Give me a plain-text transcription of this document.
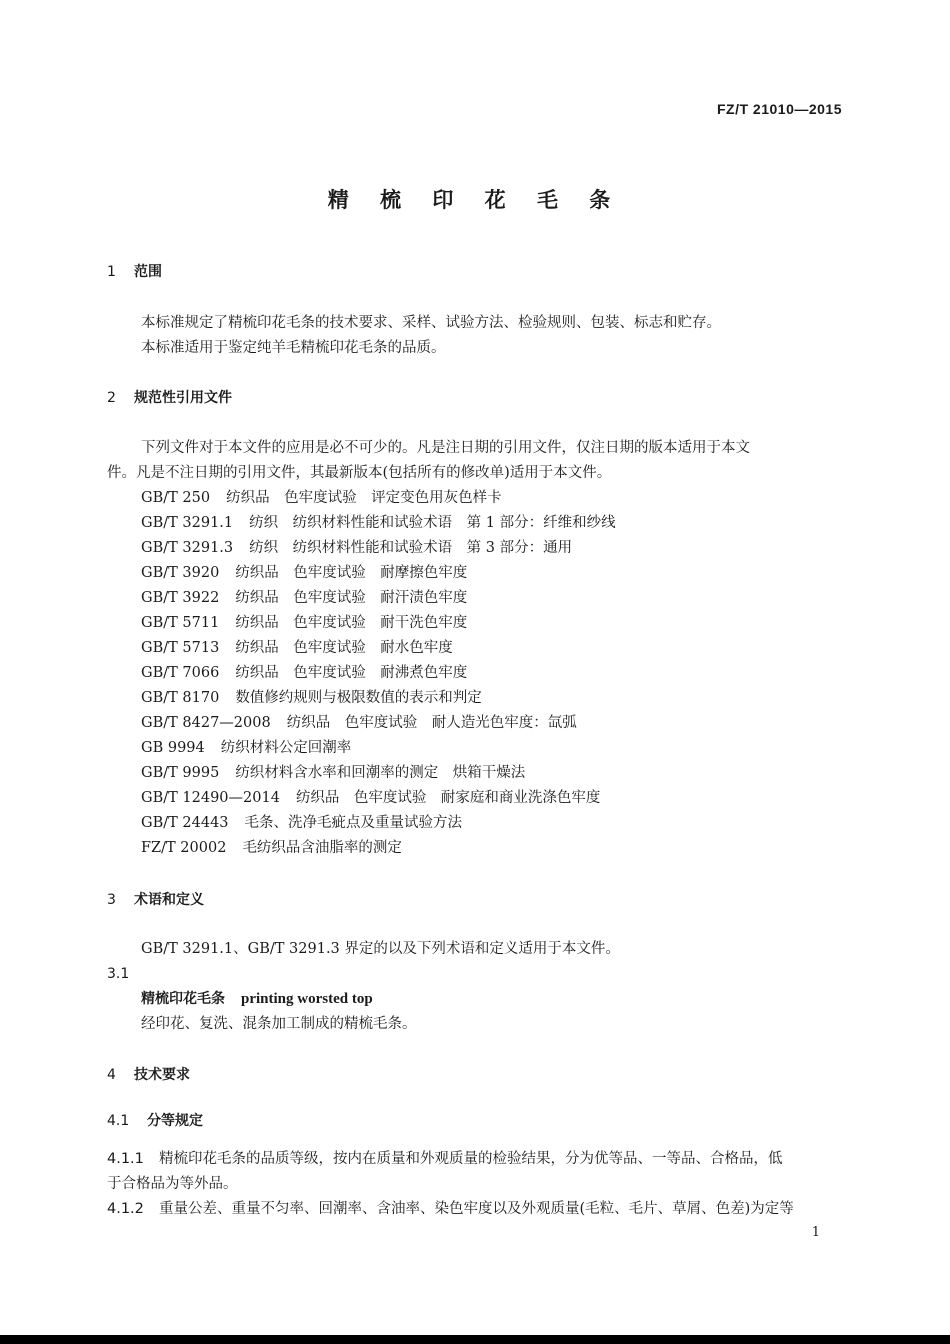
FZ/T 21010—2015
精 梳 印 花 毛 条
1 范围
本标准规定了精梳印花毛条的技术要求、采样、试验方法、检验规则、包装、标志和贮存。
本标准适用于鉴定纯羊毛精梳印花毛条的品质。
2 规范性引用文件
下列文件对于本文件的应用是必不可少的。凡是注日期的引用文件，仅注日期的版本适用于本文
件。凡是不注日期的引用文件，其最新版本(包括所有的修改单)适用于本文件。
GB/T 250 纺织品　色牢度试验　评定变色用灰色样卡
GB/T 3291.1 纺织　纺织材料性能和试验术语　第 1 部分：纤维和纱线
GB/T 3291.3 纺织　纺织材料性能和试验术语　第 3 部分：通用
GB/T 3920 纺织品　色牢度试验　耐摩擦色牢度
GB/T 3922 纺织品　色牢度试验　耐汗渍色牢度
GB/T 5711 纺织品　色牢度试验　耐干洗色牢度
GB/T 5713 纺织品　色牢度试验　耐水色牢度
GB/T 7066 纺织品　色牢度试验　耐沸煮色牢度
GB/T 8170 数值修约规则与极限数值的表示和判定
GB/T 8427—2008 纺织品　色牢度试验　耐人造光色牢度：氙弧
GB 9994 纺织材料公定回潮率
GB/T 9995 纺织材料含水率和回潮率的测定　烘箱干燥法
GB/T 12490—2014 纺织品　色牢度试验　耐家庭和商业洗涤色牢度
GB/T 24443 毛条、洗净毛疵点及重量试验方法
FZ/T 20002 毛纺织品含油脂率的测定
3 术语和定义
GB/T 3291.1、GB/T 3291.3 界定的以及下列术语和定义适用于本文件。
3.1
精梳印花毛条 printing worsted top
经印花、复洗、混条加工制成的精梳毛条。
4 技术要求
4.1 分等规定
4.1.1 精梳印花毛条的品质等级，按内在质量和外观质量的检验结果，分为优等品、一等品、合格品，低
于合格品为等外品。
4.1.2 重量公差、重量不匀率、回潮率、含油率、染色牢度以及外观质量(毛粒、毛片、草屑、色差)为定等
1
